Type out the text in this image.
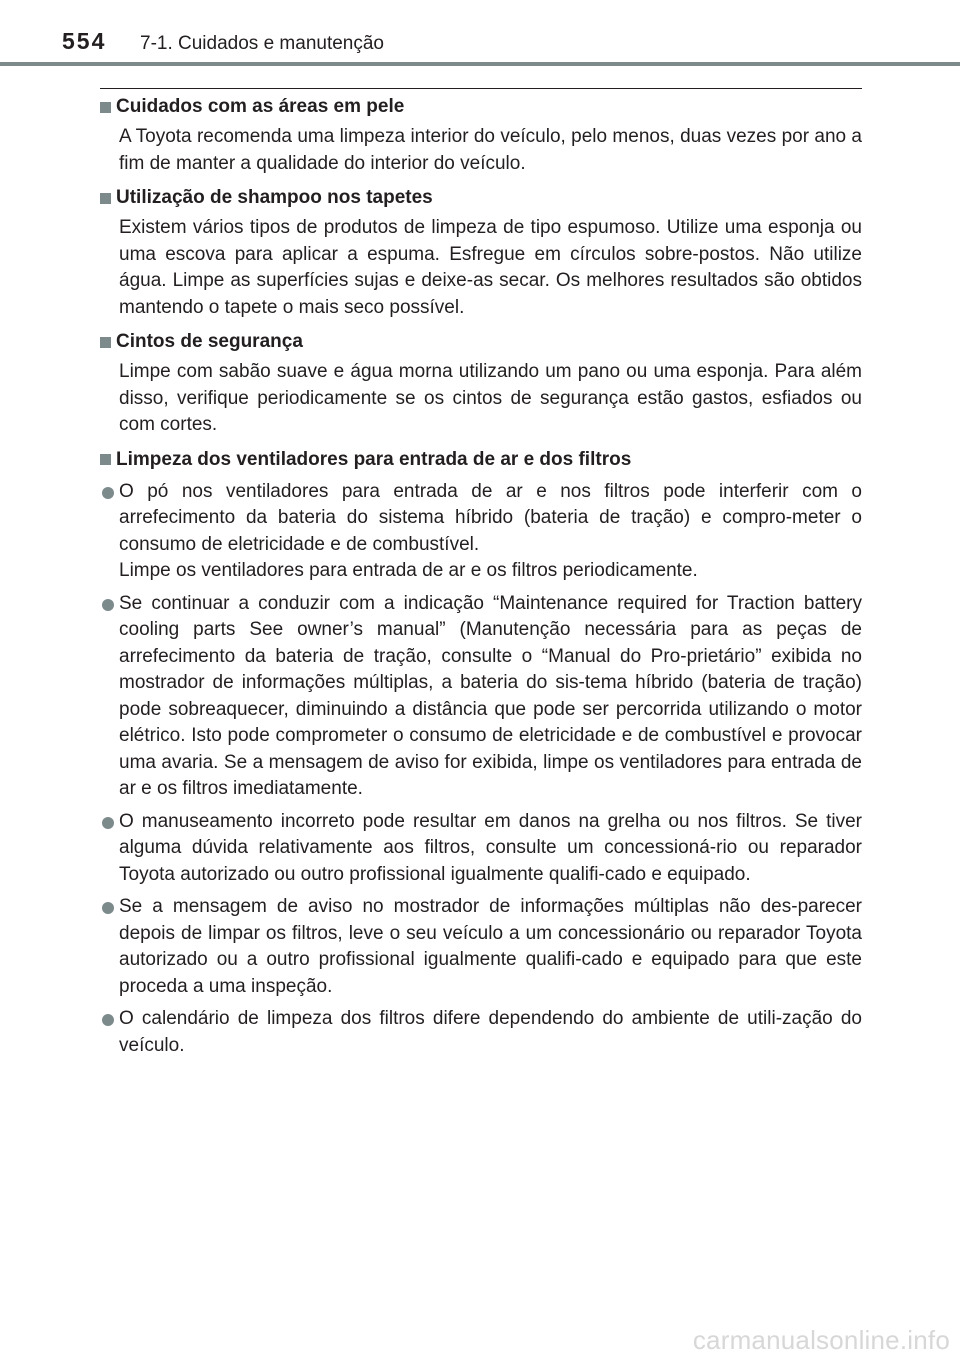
554 7-1. Cuidados e manutenção
Cuidados com as áreas em pele

A Toyota recomenda uma limpeza interior do veículo, pelo menos, duas vezes por ano a fim de manter a qualidade do interior do veículo.

Utilização de shampoo nos tapetes

Existem vários tipos de produtos de limpeza de tipo espumoso. Utilize uma esponja ou uma escova para aplicar a espuma. Esfregue em círculos sobre-postos. Não utilize água. Limpe as superfícies sujas e deixe-as secar. Os melhores resultados são obtidos mantendo o tapete o mais seco possível.

Cintos de segurança

Limpe com sabão suave e água morna utilizando um pano ou uma esponja. Para além disso, verifique periodicamente se os cintos de segurança estão gastos, esfiados ou com cortes.

Limpeza dos ventiladores para entrada de ar e dos filtros

O pó nos ventiladores para entrada de ar e nos filtros pode interferir com o arrefecimento da bateria do sistema híbrido (bateria de tração) e compro-meter o consumo de eletricidade e de combustível.

Limpe os ventiladores para entrada de ar e os filtros periodicamente.

Se continuar a conduzir com a indicação “Maintenance required for Traction battery cooling parts See owner’s manual” (Manutenção necessária para as peças de arrefecimento da bateria de tração, consulte o “Manual do Pro-prietário” exibida no mostrador de informações múltiplas, a bateria do sis-tema híbrido (bateria de tração) pode sobreaquecer, diminuindo a distância que pode ser percorrida utilizando o motor elétrico. Isto pode comprometer o consumo de eletricidade e de combustível e provocar uma avaria. Se a mensagem de aviso for exibida, limpe os ventiladores para entrada de ar e os filtros imediatamente.

O manuseamento incorreto pode resultar em danos na grelha ou nos filtros. Se tiver alguma dúvida relativamente aos filtros, consulte um concessioná-rio ou reparador Toyota autorizado ou outro profissional igualmente qualifi-cado e equipado.

Se a mensagem de aviso no mostrador de informações múltiplas não des-parecer depois de limpar os filtros, leve o seu veículo a um concessionário ou reparador Toyota autorizado ou a outro profissional igualmente qualifi-cado e equipado para que este proceda a uma inspeção.

O calendário de limpeza dos filtros difere dependendo do ambiente de utili-zação do veículo.

carmanualsonline.info
